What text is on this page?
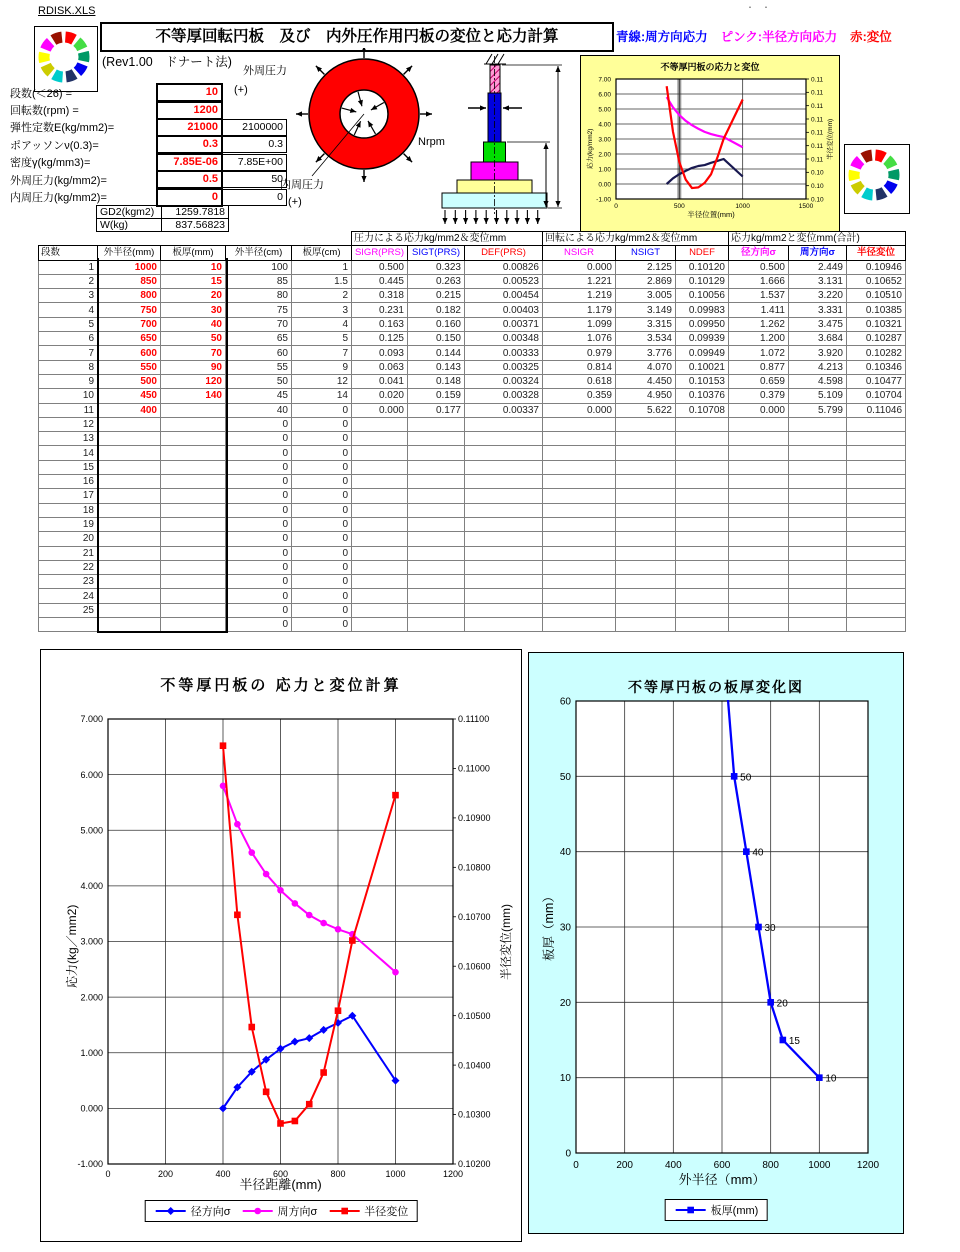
RDISK.XLS	・　・
不等厚回転円板　及び　内外圧作用円板の変位と応力計算
(Rev1.00　ドナート法)
青線:周方向応力 ピンク:半径方向応力 赤:変位
段数(＜26) =	10
回転数(rpm) =	1200
弾性定数E(kg/mm2)=	21000	2100000
ポアッソンν(0.3)=	0.3	0.3
密度γ(kg/mm3)=	7.85E-06	7.85E+00
外周圧力(kg/mm2)=	0.5	50
内周圧力(kg/mm2)=	0	0
GD2(kgm2)	1259.7818
W(kg)	837.56823
外周圧力
(+)
内周圧力
(+)
Nrpm
0	500	1000	1500
7.00
6.00
5.00
4.00
3.00
2.00
1.00
0.00
-1.00
0.11
0.11
0.11
0.11
0.11
0.11
0.11
0.10
0.10
0.10
不等厚円板の応力と変位
半径位置(mm)
応力(kg/mm2)	半径変位(mm)
					圧力による応力kg/mm2＆変位mm			回転による応力kg/mm2＆変位mm			応力kg/mm2と変位mm(合計)		
段数	外半径(mm)	板厚(mm)	外半径(cm)	板厚(cm)	SIGR(PRS)	SIGT(PRS)	DEF(PRS)	NSIGR	NSIGT	NDEF	径方向σ	周方向σ	半径変位
1	1000	10	100	1	0.500	0.323	0.00826	0.000	2.125	0.10120	0.500	2.449	0.10946
2	850	15	85	1.5	0.445	0.263	0.00523	1.221	2.869	0.10129	1.666	3.131	0.10652
3	800	20	80	2	0.318	0.215	0.00454	1.219	3.005	0.10056	1.537	3.220	0.10510
4	750	30	75	3	0.231	0.182	0.00403	1.179	3.149	0.09983	1.411	3.331	0.10385
5	700	40	70	4	0.163	0.160	0.00371	1.099	3.315	0.09950	1.262	3.475	0.10321
6	650	50	65	5	0.125	0.150	0.00348	1.076	3.534	0.09939	1.200	3.684	0.10287
7	600	70	60	7	0.093	0.144	0.00333	0.979	3.776	0.09949	1.072	3.920	0.10282
8	550	90	55	9	0.063	0.143	0.00325	0.814	4.070	0.10021	0.877	4.213	0.10346
9	500	120	50	12	0.041	0.148	0.00324	0.618	4.450	0.10153	0.659	4.598	0.10477
10	450	140	45	14	0.020	0.159	0.00328	0.359	4.950	0.10376	0.379	5.109	0.10704
11	400		40	0	0.000	0.177	0.00337	0.000	5.622	0.10708	0.000	5.799	0.11046
12			0	0									
13			0	0									
14			0	0									
15			0	0									
16			0	0									
17			0	0									
18			0	0									
19			0	0									
20			0	0									
21			0	0									
22			0	0									
23			0	0									
24			0	0									
25			0	0									
			0	0									
0	200	400	600	800	1000	1200
7.000
6.000
5.000
4.000
3.000
2.000
1.000
0.000
-1.000
0.11100
0.11000
0.10900
0.10800
0.10700
0.10600
0.10500
0.10400
0.10300
0.10200
不等厚円板の 応力と変位計算
半径距離(mm)
応力(kg／mm2)	半径変位(mm)
径方向σ	周方向σ	半径変位
0	200	400	600	800	1000	1200
60
50
40
30
20
10
0
50
40
30
20
15
10
不等厚円板の板厚変化図
外半径（mm）
板厚（mm）
板厚(mm)
